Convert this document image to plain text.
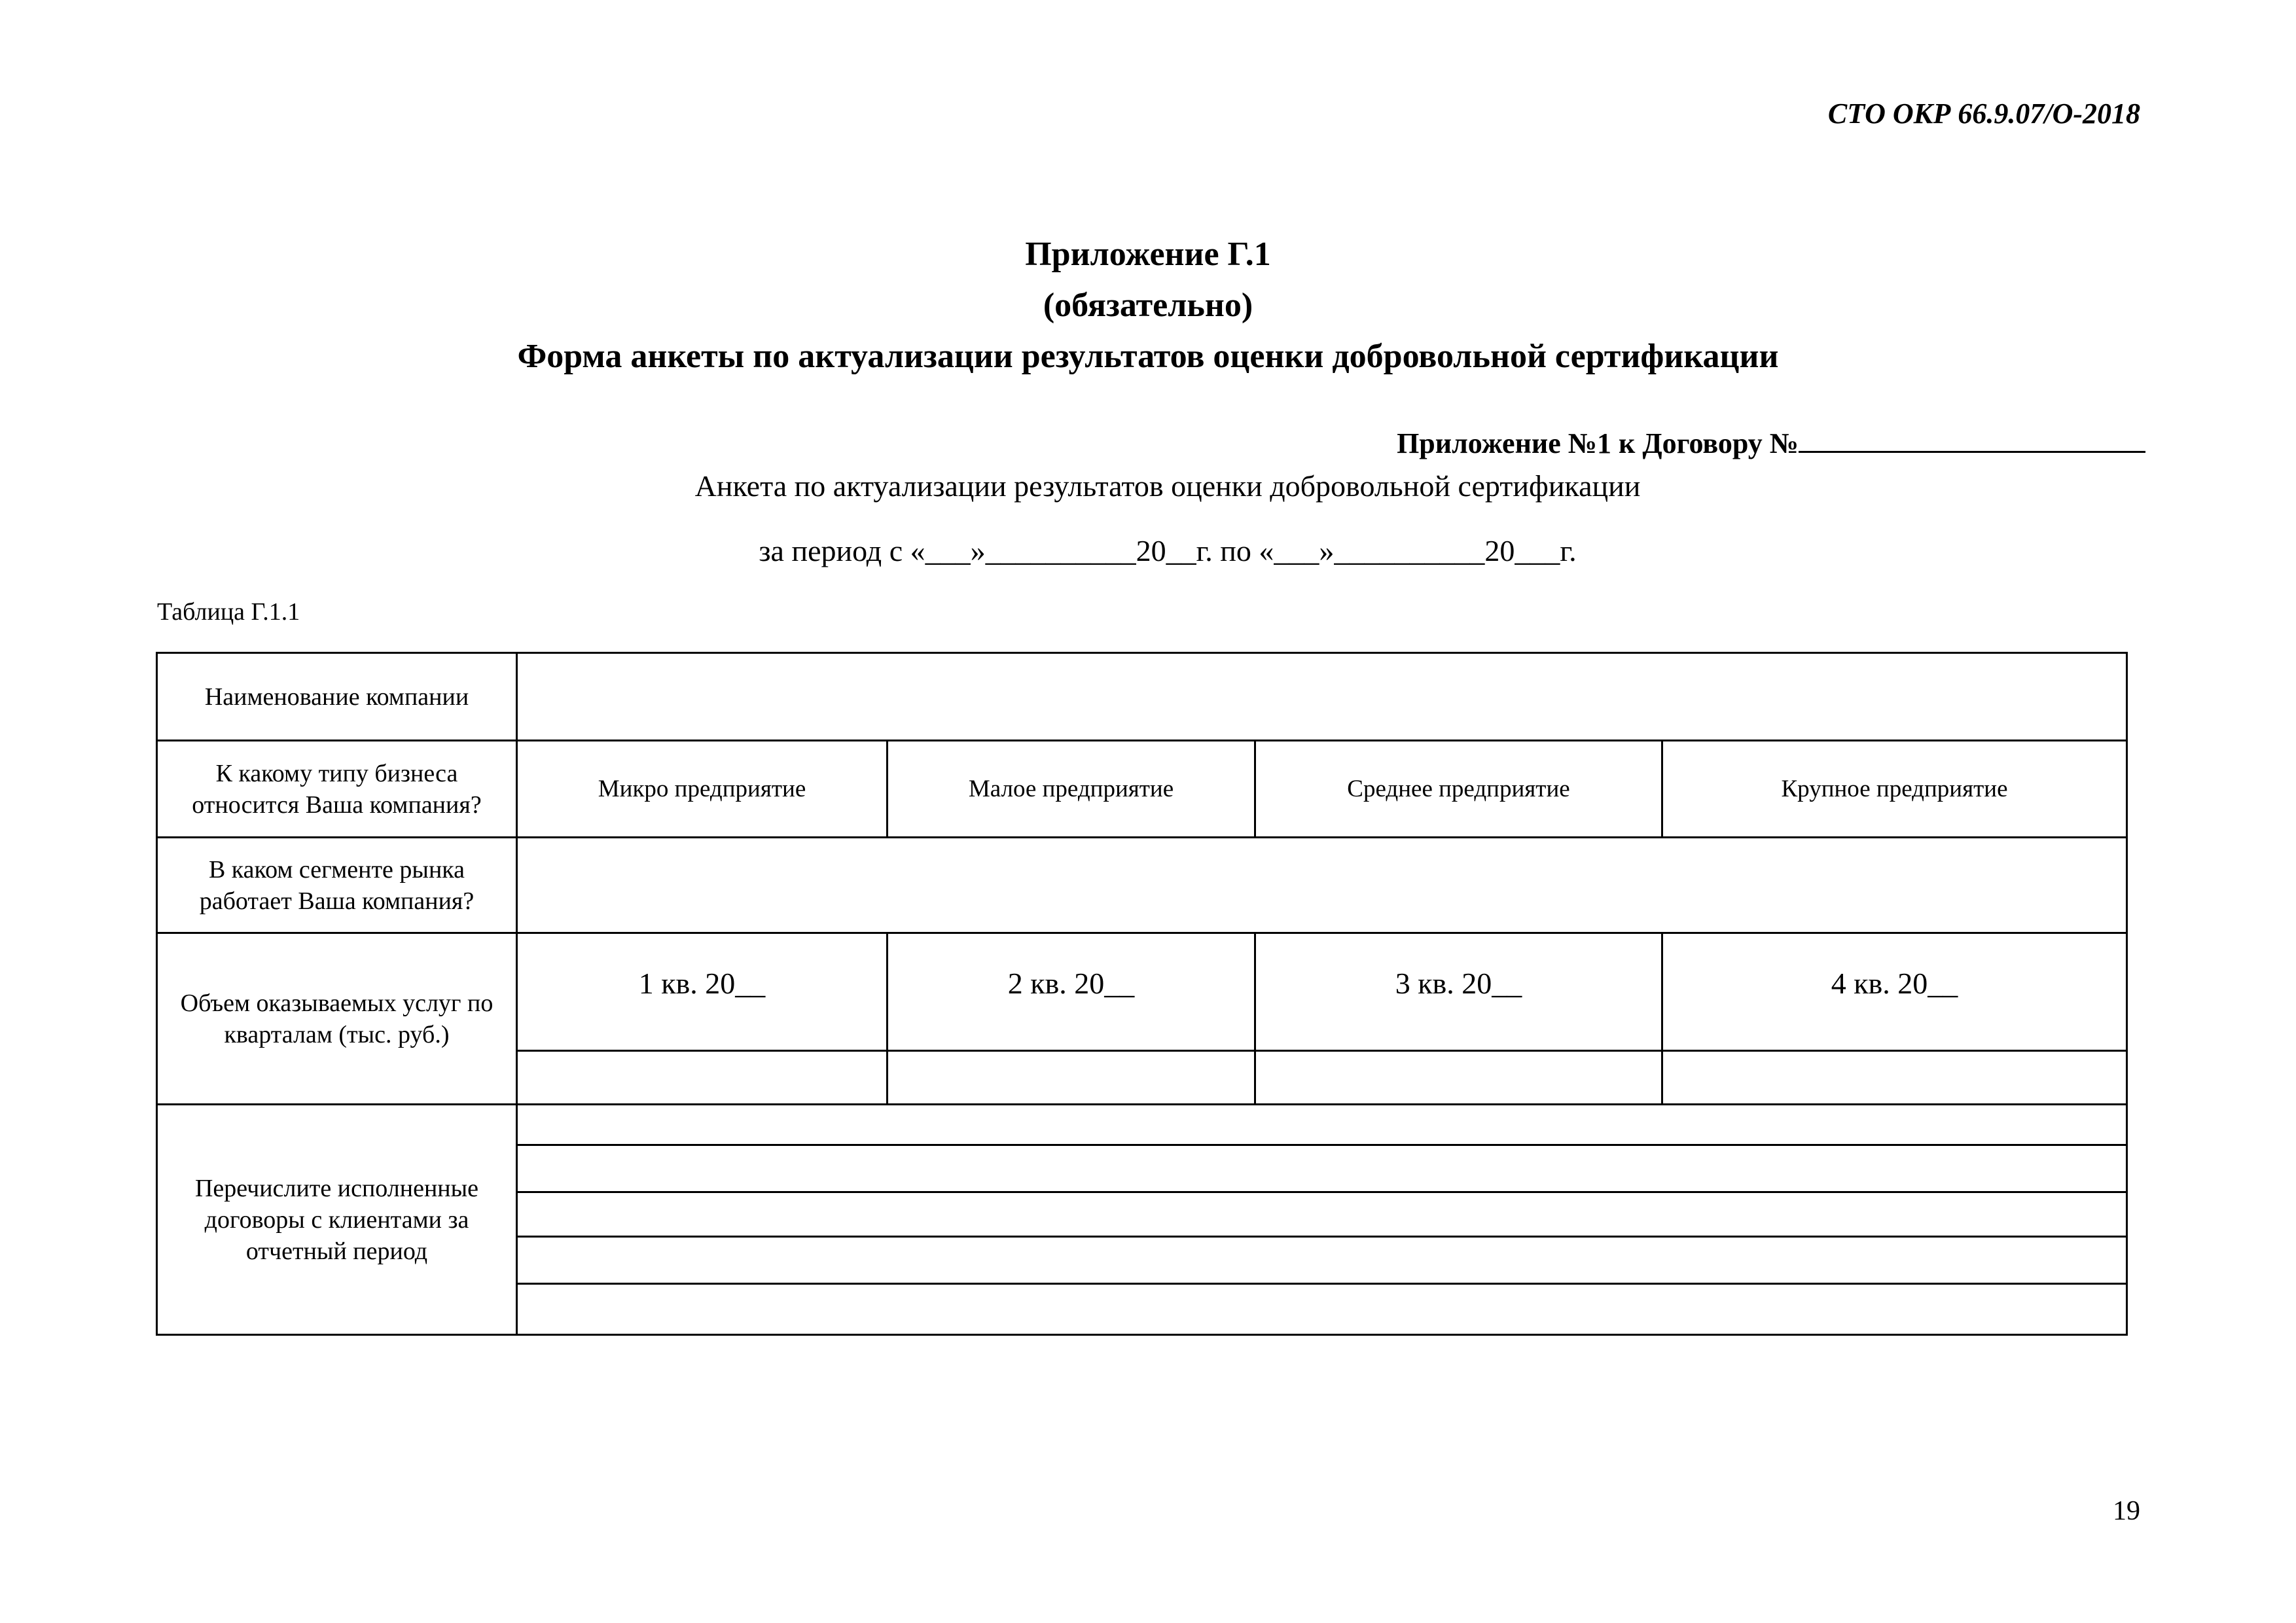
СТО ОКР 66.9.07/О-2018
Приложение Г.1
(обязательно)
Форма анкеты по актуализации результатов оценки добровольной сертификации
Приложение №1 к Договору №
Анкета по актуализации результатов оценки добровольной сертификации
за период с «___»__________20__г. по «___»__________20___г.
Таблица Г.1.1
Наименование компании				
К какому типу бизнеса относится Ваша компания?	Микро предприятие	Малое предприятие	Среднее предприятие	Крупное предприятие
В каком сегменте рынка работает Ваша компания?				
Объем оказываемых услуг по кварталам (тыс. руб.)	1 кв. 20__	2 кв. 20__	3 кв. 20__	4 кв. 20__

Перечислите исполненные договоры с клиентами за отчетный период				

19
